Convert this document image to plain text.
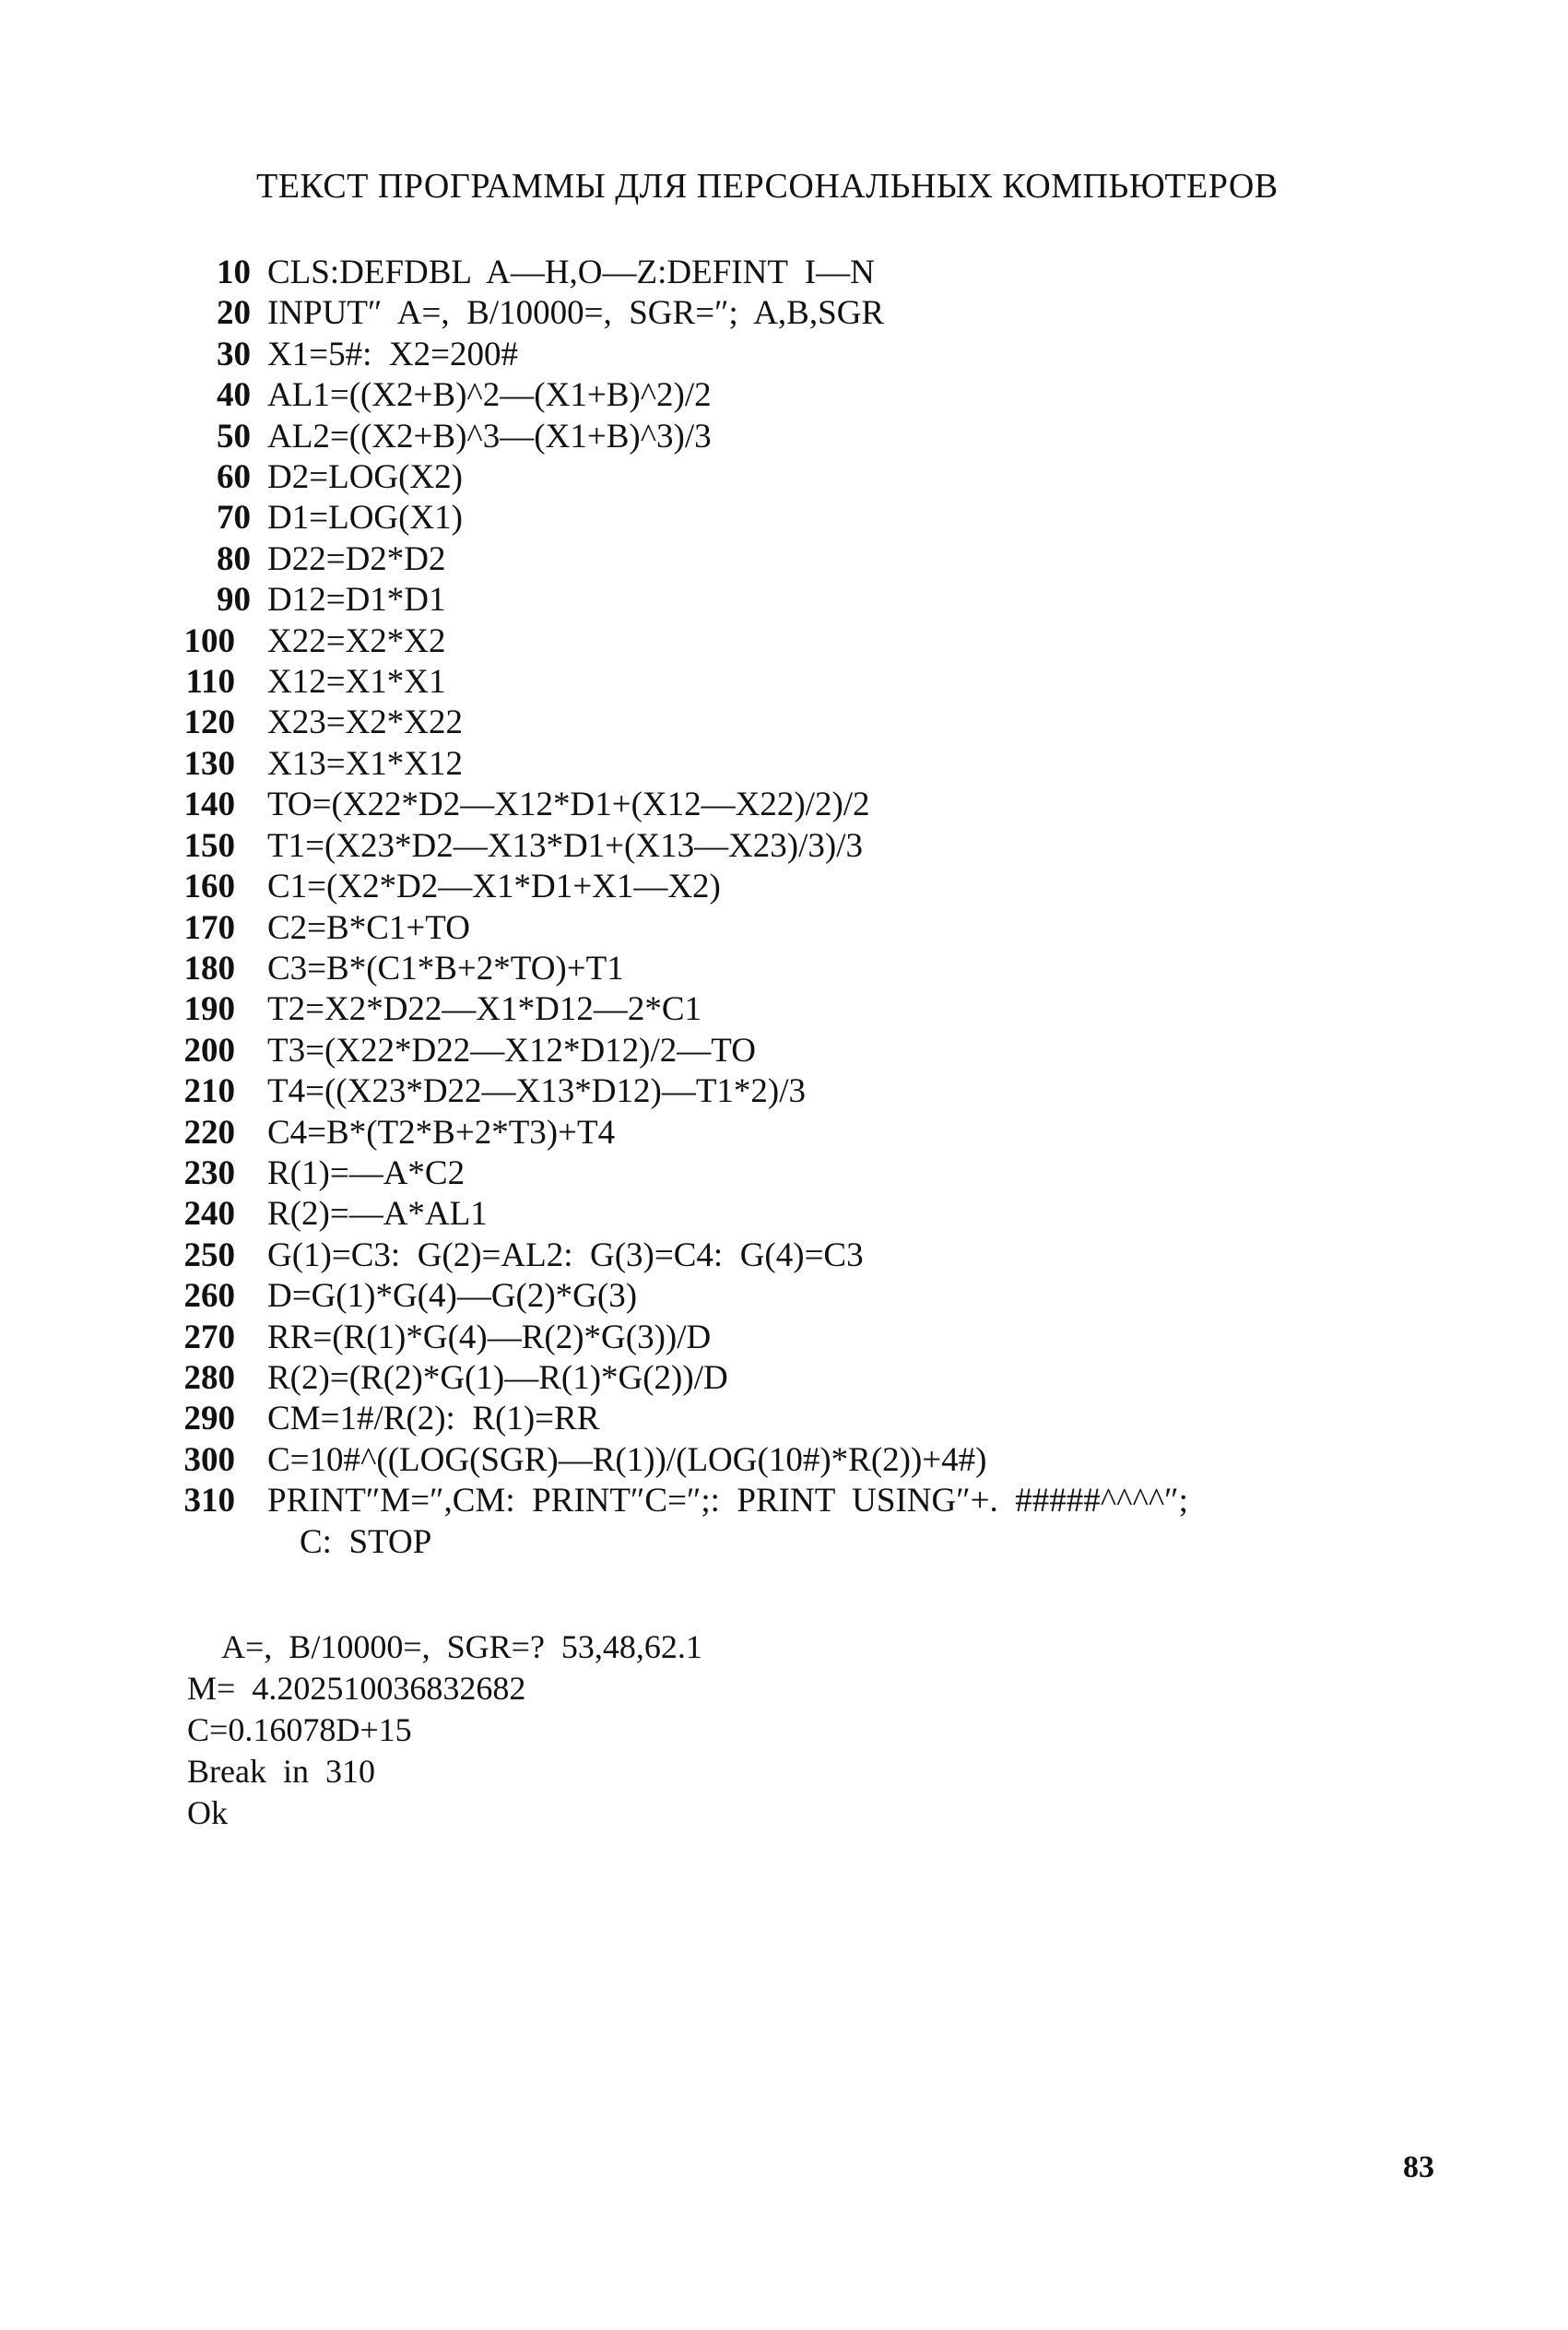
ТЕКСТ ПРОГРАММЫ ДЛЯ ПЕРСОНАЛЬНЫХ КОМПЬЮТЕРОВ
10 CLS:DEFDBL  A—H,O—Z:DEFINT  I—N
20 INPUT″  A=,  B/10000=,  SGR=″;  A,B,SGR
30 X1=5#:  X2=200#
40 AL1=((X2+B)^2—(X1+B)^2)/2
50 AL2=((X2+B)^3—(X1+B)^3)/3
60 D2=LOG(X2)
70 D1=LOG(X1)
80 D22=D2*D2
90 D12=D1*D1
100 X22=X2*X2
110 X12=X1*X1
120 X23=X2*X22
130 X13=X1*X12
140 TO=(X22*D2—X12*D1+(X12—X22)/2)/2
150 T1=(X23*D2—X13*D1+(X13—X23)/3)/3
160 C1=(X2*D2—X1*D1+X1—X2)
170 C2=B*C1+TO
180 C3=B*(C1*B+2*TO)+T1
190 T2=X2*D22—X1*D12—2*C1
200 T3=(X22*D22—X12*D12)/2—TO
210 T4=((X23*D22—X13*D12)—T1*2)/3
220 C4=B*(T2*B+2*T3)+T4
230 R(1)=—A*C2
240 R(2)=—A*AL1
250 G(1)=C3:  G(2)=AL2:  G(3)=C4:  G(4)=C3
260 D=G(1)*G(4)—G(2)*G(3)
270 RR=(R(1)*G(4)—R(2)*G(3))/D
280 R(2)=(R(2)*G(1)—R(1)*G(2))/D
290 CM=1#/R(2):  R(1)=RR
300 C=10#^((LOG(SGR)—R(1))/(LOG(10#)*R(2))+4#)
310 PRINT″M=″,CM:  PRINT″C=″;:  PRINT  USING″+.  #####^^^^″;
C:  STOP
A=,  B/10000=,  SGR=?  53,48,62.1
M=  4.202510036832682
C=0.16078D+15
Break  in  310
Ok
83
